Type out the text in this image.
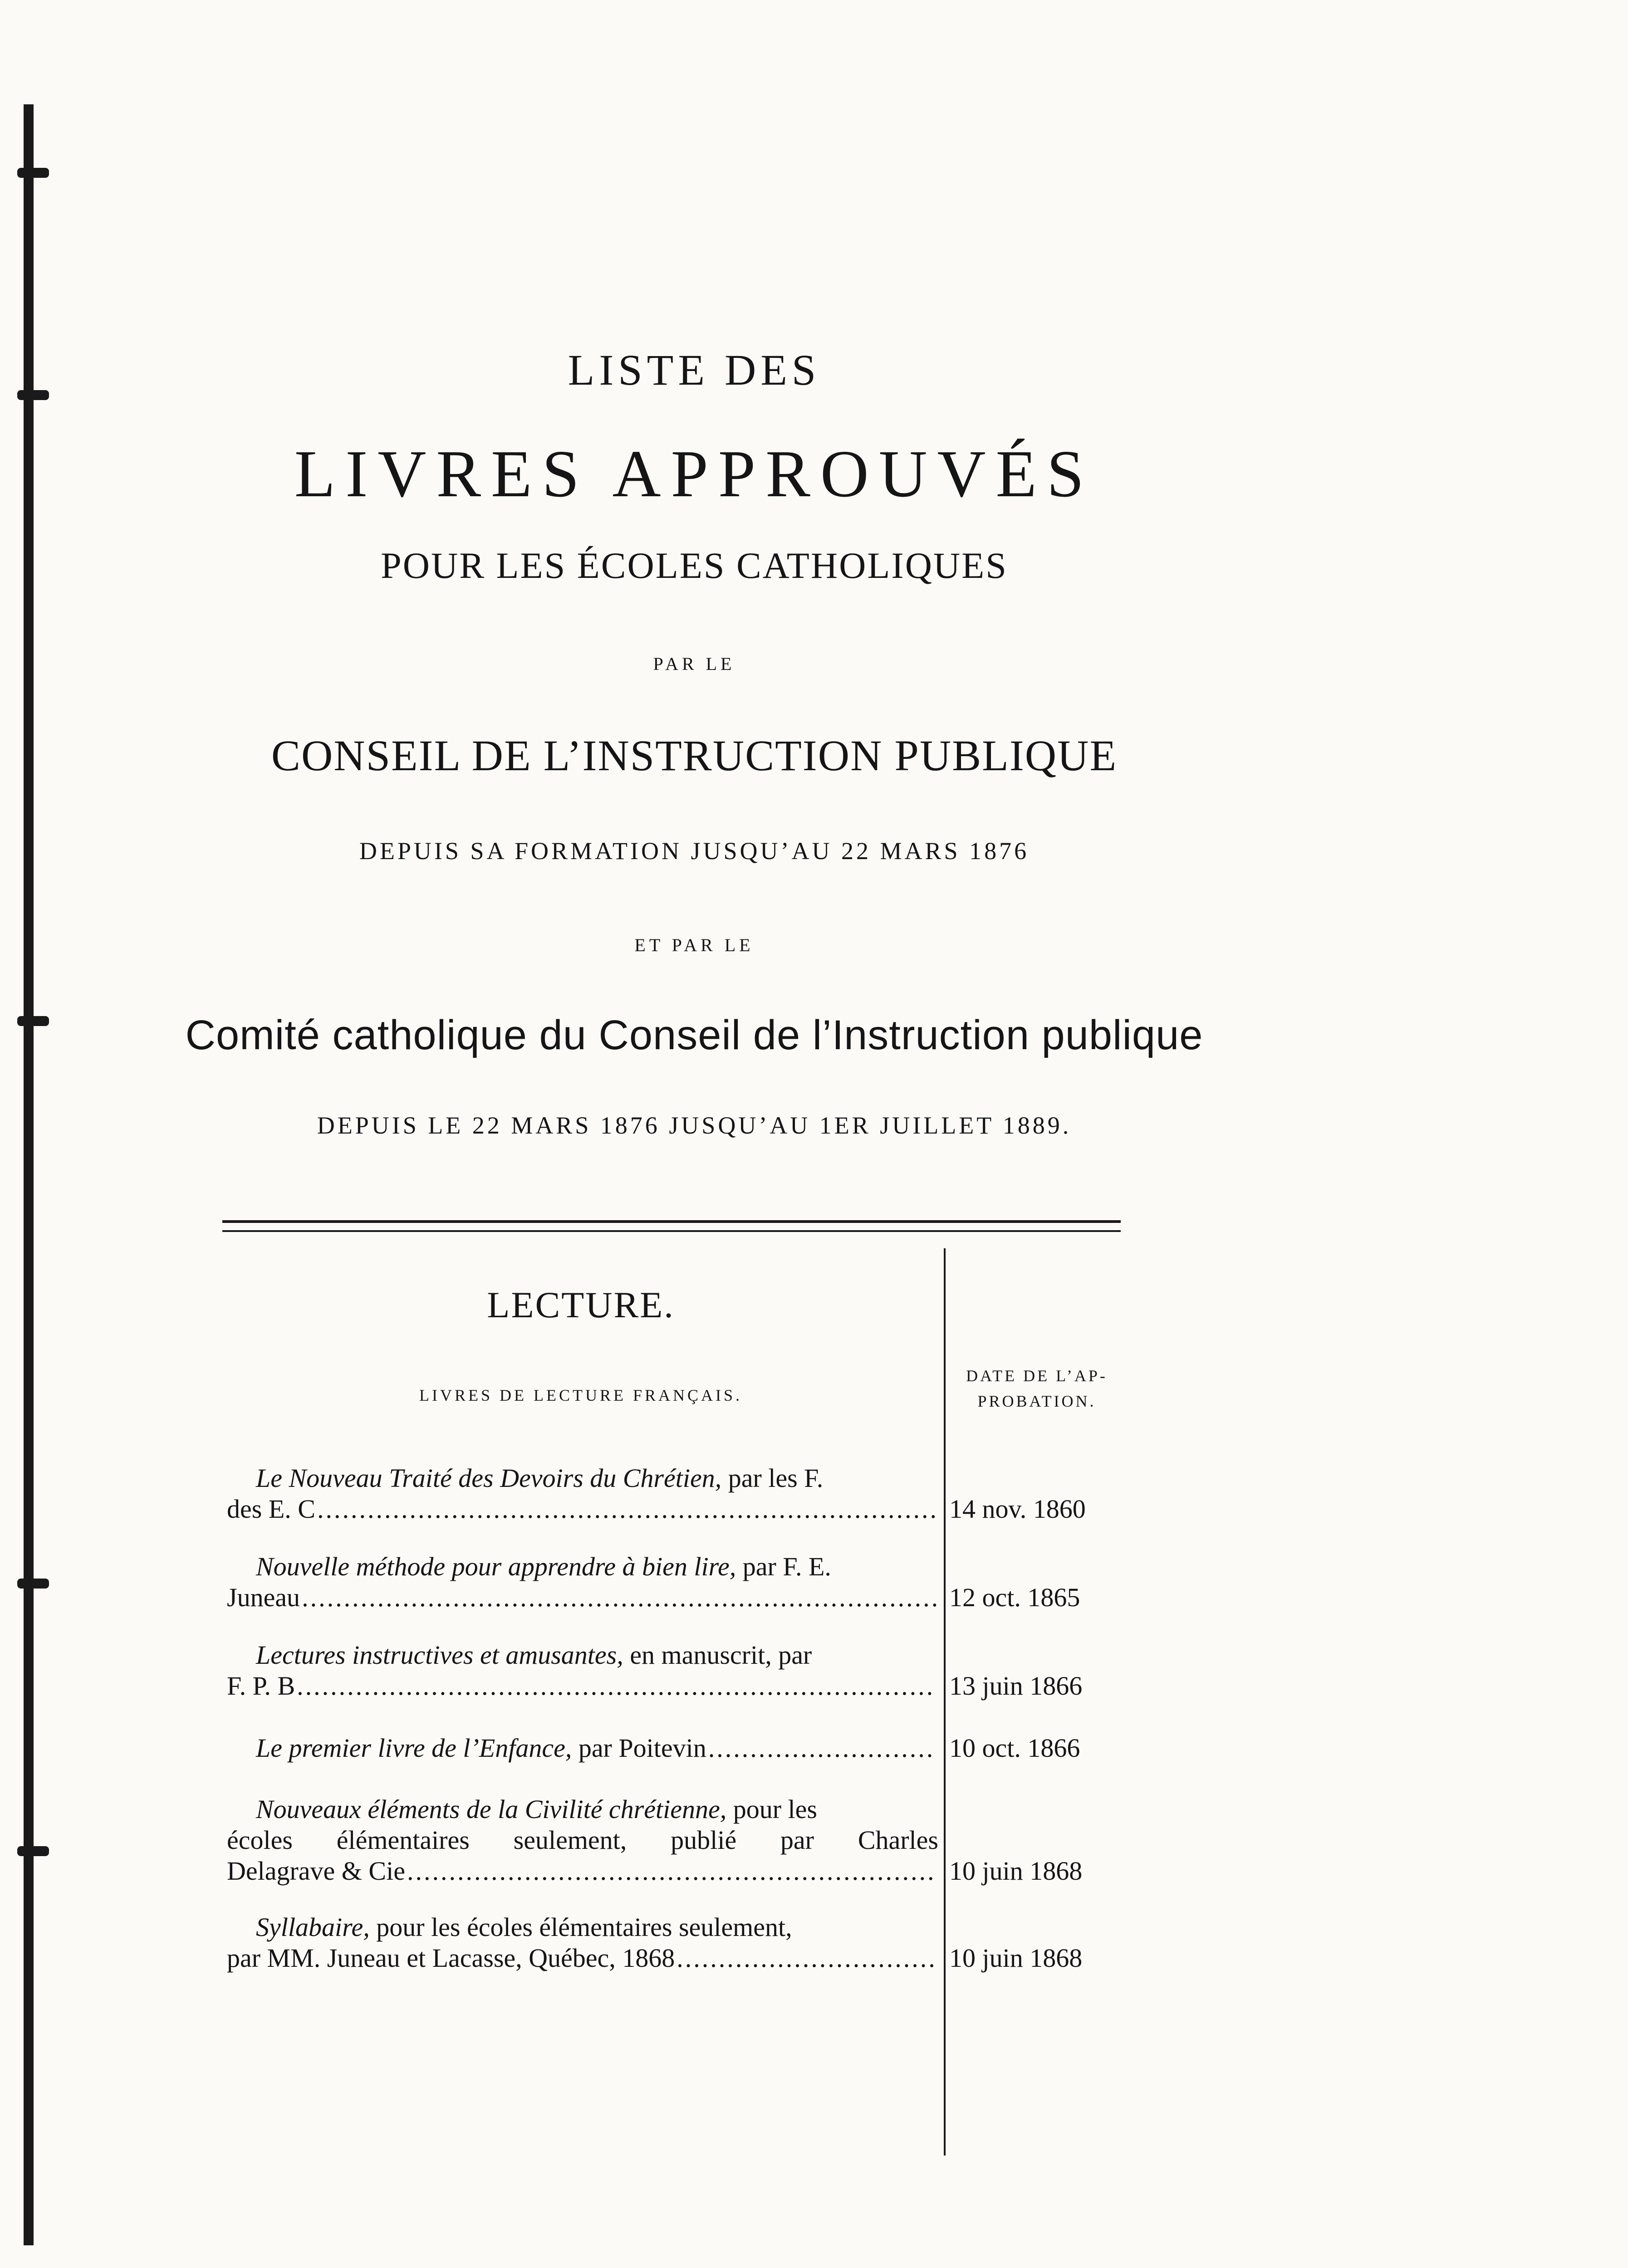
LISTE DES
LIVRES APPROUVÉS
POUR LES ÉCOLES CATHOLIQUES
PAR LE
CONSEIL DE L’INSTRUCTION PUBLIQUE
DEPUIS SA FORMATION JUSQU’AU 22 MARS 1876
ET PAR LE
Comité catholique du Conseil de l’Instruction publique
DEPUIS LE 22 MARS 1876 JUSQU’AU 1ER JUILLET 1889.
LECTURE.
LIVRES DE LECTURE FRANÇAIS.
DATE DE L’AP-
PROBATION.
Le Nouveau Traité des Devoirs du Chrétien, par les F.
des E. C .....	14 nov. 1860
Nouvelle méthode pour apprendre à bien lire, par F. E.
Juneau .....	12 oct. 1865
Lectures instructives et amusantes, en manuscrit, par
F. P. B .....	13 juin 1866
Le premier livre de l’Enfance,
par Poitevin .....	10 oct. 1866
Nouveaux éléments de la Civilité chrétienne, pour les
écoles élémentaires seulement, publié par Charles
Delagrave & Cie .....	10 juin 1868
Syllabaire, pour les écoles élémentaires seulement,
par MM. Juneau et Lacasse, Québec, 1868 .....	10 juin 1868
